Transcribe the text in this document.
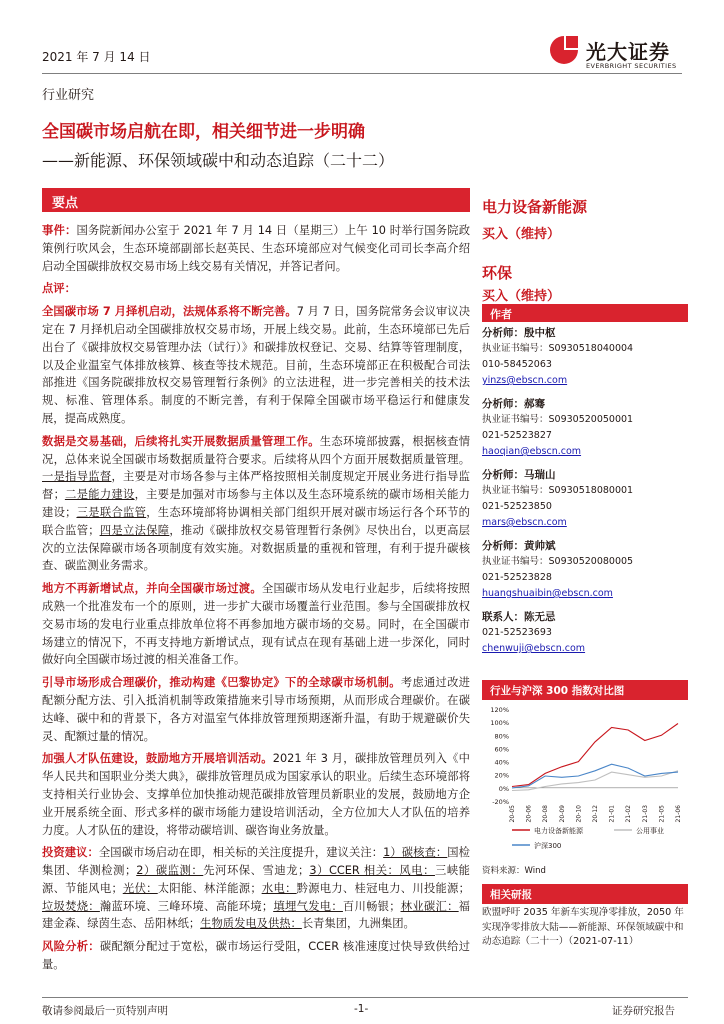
2021 年 7 月 14 日	光大证券
EVERBRIGHT SECURITIES
行业研究
全国碳市场启航在即，相关细节进一步明确
——新能源、环保领域碳中和动态追踪（二十二）
要点

事件：国务院新闻办公室于 2021 年 7 月 14 日（星期三）上午 10 时举行国务院政策例行吹风会，生态环境部副部长赵英民、生态环境部应对气候变化司司长李高介绍启动全国碳排放权交易市场上线交易有关情况，并答记者问。

点评：

全国碳市场 7 月择机启动，法规体系将不断完善。7 月 7 日，国务院常务会议审议决定在 7 月择机启动全国碳排放权交易市场，开展上线交易。此前，生态环境部已先后出台了《碳排放权交易管理办法（试行）》和碳排放权登记、交易、结算等管理制度，以及企业温室气体排放核算、核查等技术规范。目前，生态环境部正在积极配合司法部推进《国务院碳排放权交易管理暂行条例》的立法进程，进一步完善相关的技术法规、标准、管理体系。制度的不断完善，有利于保障全国碳市场平稳运行和健康发展，提高成熟度。

数据是交易基础，后续将扎实开展数据质量管理工作。生态环境部披露，根据核查情况，总体来说全国碳市场数据质量符合要求。后续将从四个方面开展数据质量管理。一是指导监督，主要是对市场各参与主体严格按照相关制度规定开展业务进行指导监督；二是能力建设，主要是加强对市场参与主体以及生态环境系统的碳市场相关能力建设；三是联合监管，生态环境部将协调相关部门组织开展对碳市场运行各个环节的联合监管；四是立法保障，推动《碳排放权交易管理暂行条例》尽快出台，以更高层次的立法保障碳市场各项制度有效实施。对数据质量的重视和管理，有利于提升碳核查、碳监测业务需求。

地方不再新增试点，并向全国碳市场过渡。全国碳市场从发电行业起步，后续将按照成熟一个批准发布一个的原则，进一步扩大碳市场覆盖行业范围。参与全国碳排放权交易市场的发电行业重点排放单位将不再参加地方碳市场的交易。同时，在全国碳市场建立的情况下，不再支持地方新增试点，现有试点在现有基础上进一步深化，同时做好向全国碳市场过渡的相关准备工作。

引导市场形成合理碳价，推动构建《巴黎协定》下的全球碳市场机制。考虑通过改进配额分配方法、引入抵消机制等政策措施来引导市场预期，从而形成合理碳价。在碳达峰、碳中和的背景下，各方对温室气体排放管理预期逐渐升温，有助于规避碳价失灵、配额过量的情况。

加强人才队伍建设，鼓励地方开展培训活动。2021 年 3 月，碳排放管理员列入《中华人民共和国职业分类大典》，碳排放管理员成为国家承认的职业。后续生态环境部将支持相关行业协会、支撑单位加快推动规范碳排放管理员新职业的发展，鼓励地方企业开展系统全面、形式多样的碳市场能力建设培训活动，全方位加大人才队伍的培养力度。人才队伍的建设，将带动碳培训、碳咨询业务放量。

投资建议：全国碳市场启动在即，相关标的关注度提升，建议关注：1）碳核查：国检集团、华测检测；2）碳监测：先河环保、雪迪龙；3）CCER 相关：风电：三峡能源、节能风电；光伏：太阳能、林洋能源；水电：黔源电力、桂冠电力、川投能源；垃圾焚烧：瀚蓝环境、三峰环境、高能环境；填埋气发电：百川畅银；林业碳汇：福建金森、绿茵生态、岳阳林纸；生物质发电及供热：长青集团，九洲集团。

风险分析：碳配额分配过于宽松，碳市场运行受阻，CCER 核准速度过快导致供给过量。

电力设备新能源
买入（维持）
环保
买入（维持）
作者
分析师：殷中枢
执业证书编号：S0930518040004
010-58452063
yinzs@ebscn.com
分析师：郝骞
执业证书编号：S0930520050001
021-52523827
haoqian@ebscn.com
分析师：马瑞山
执业证书编号：S0930518080001
021-52523850
mars@ebscn.com
分析师：黄帅斌
执业证书编号：S0930520080005
021-52523828
huangshuaibin@ebscn.com
联系人：陈无忌
021-52523693
chenwuji@ebscn.com
行业与沪深 300 指数对比图
120%
100%
80%
60%
40%
20%
0%
-20%
20-05 20-06 20-08 20-09 20-10 20-12 21-01 21-02 21-03 21-05 21-06
电力设备新能源	公用事业
沪深300
资料来源：Wind
相关研报
欧盟呼吁 2035 年新车实现净零排放，2050 年实现净零排放大陆——新能源、环保领域碳中和动态追踪（二十一）（2021-07-11）
敬请参阅最后一页特别声明	-1-	证券研究报告
